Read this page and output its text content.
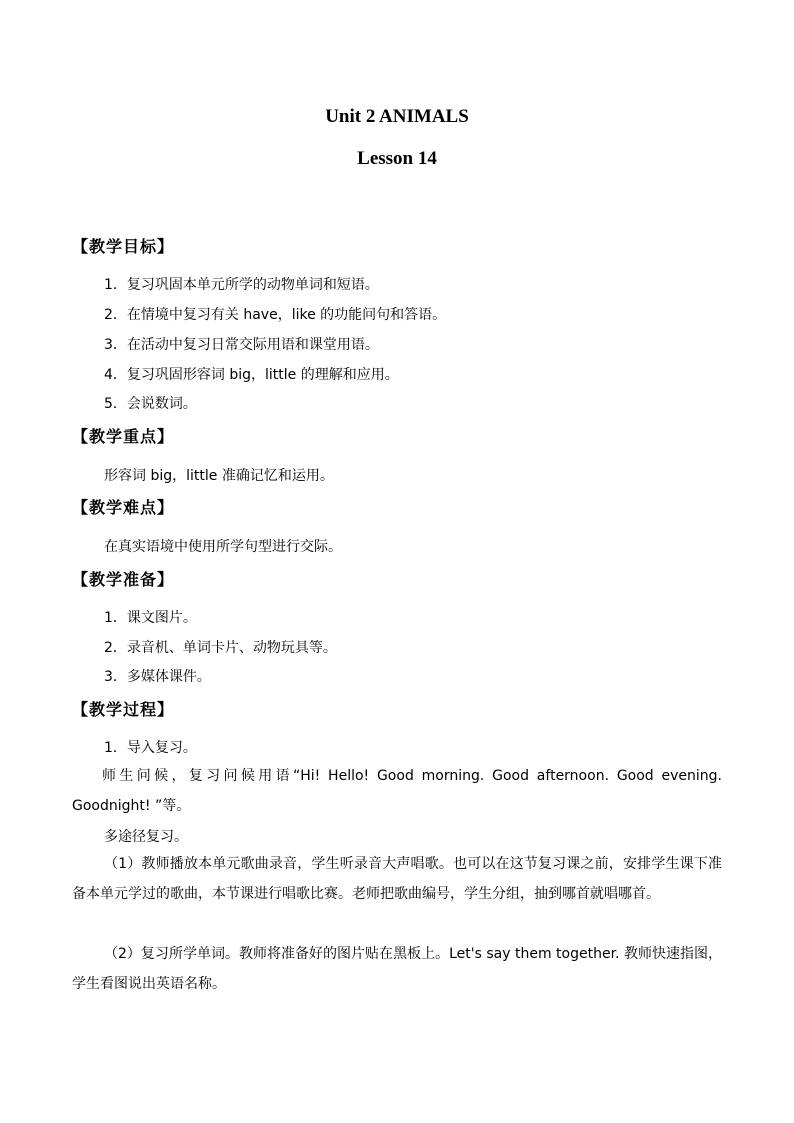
Unit 2 ANIMALS
Lesson 14
【教学目标】
1．复习巩固本单元所学的动物单词和短语。
2．在情境中复习有关 have，like 的功能问句和答语。
3．在活动中复习日常交际用语和课堂用语。
4．复习巩固形容词 big，little 的理解和应用。
5．会说数词。
【教学重点】
形容词 big，little 准确记忆和运用。
【教学难点】
在真实语境中使用所学句型进行交际。
【教学准备】
1．课文图片。
2．录音机、单词卡片、动物玩具等。
3．多媒体课件。
【教学过程】
1．导入复习。
师生问候，复习问候用语“Hi! Hello! Good morning. Good afternoon. Good evening. Goodnight! ”等。
多途径复习。
（1）教师播放本单元歌曲录音，学生听录音大声唱歌。也可以在这节复习课之前，安排学生课下准备本单元学过的歌曲，本节课进行唱歌比赛。老师把歌曲编号，学生分组，抽到哪首就唱哪首。
（2）复习所学单词。教师将准备好的图片贴在黑板上。Let's say them together. 教师快速指图，学生看图说出英语名称。
